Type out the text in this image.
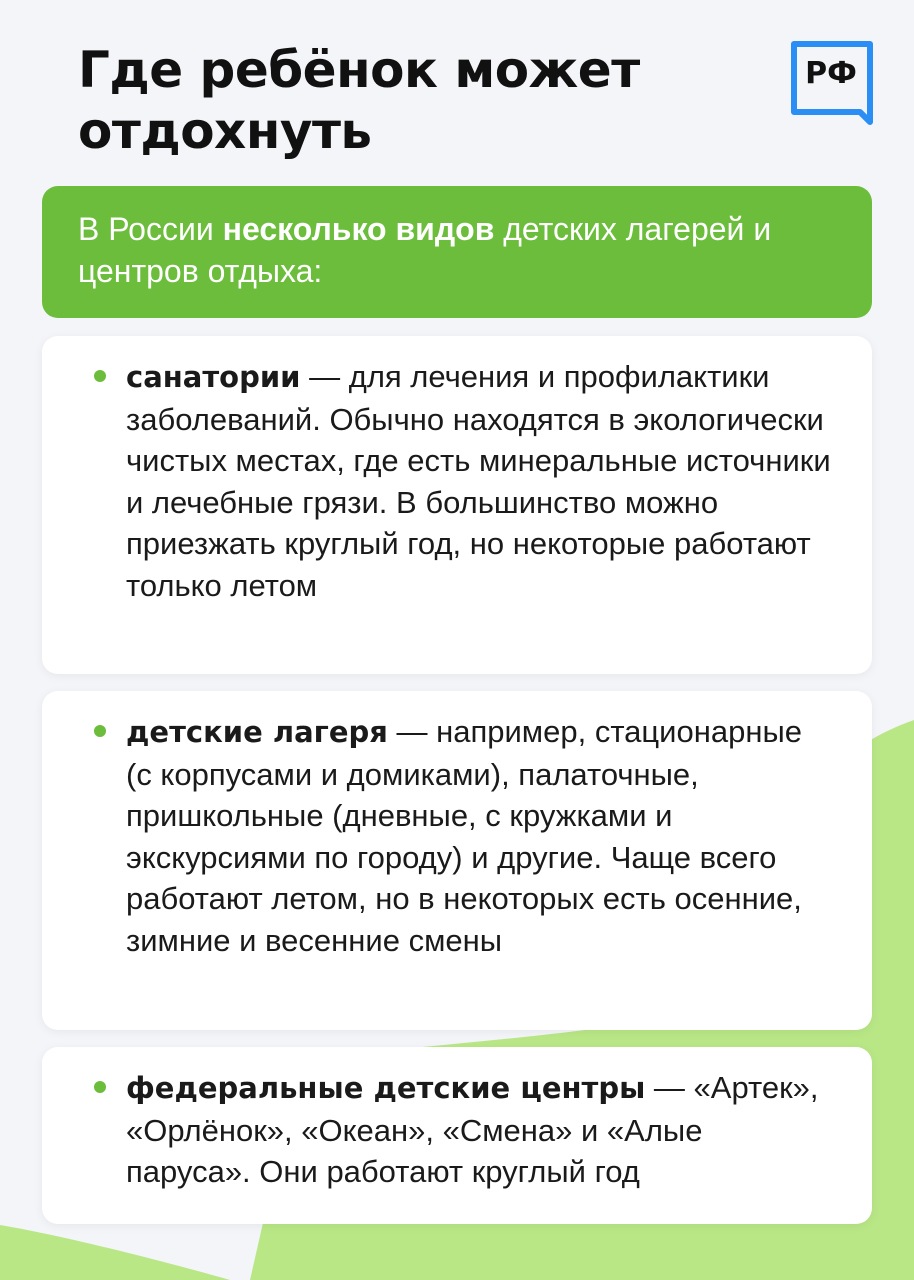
Где ребёнок может отдохнуть
РФ
В России несколько видов детских лагерей и центров отдыха:
санатории — для лечения и профилактики заболеваний. Обычно находятся в экологически чистых местах, где есть минеральные источники и лечебные грязи. В большинство можно приезжать круглый год, но некоторые работают только летом
детские лагеря — например, стационарные (с корпусами и домиками), палаточные, пришкольные (дневные, с кружками и экскурсиями по городу) и другие. Чаще всего работают летом, но в некоторых есть осенние, зимние и весенние смены
федеральные детские центры — «Артек», «Орлёнок», «Океан», «Смена» и «Алые паруса». Они работают круглый год
